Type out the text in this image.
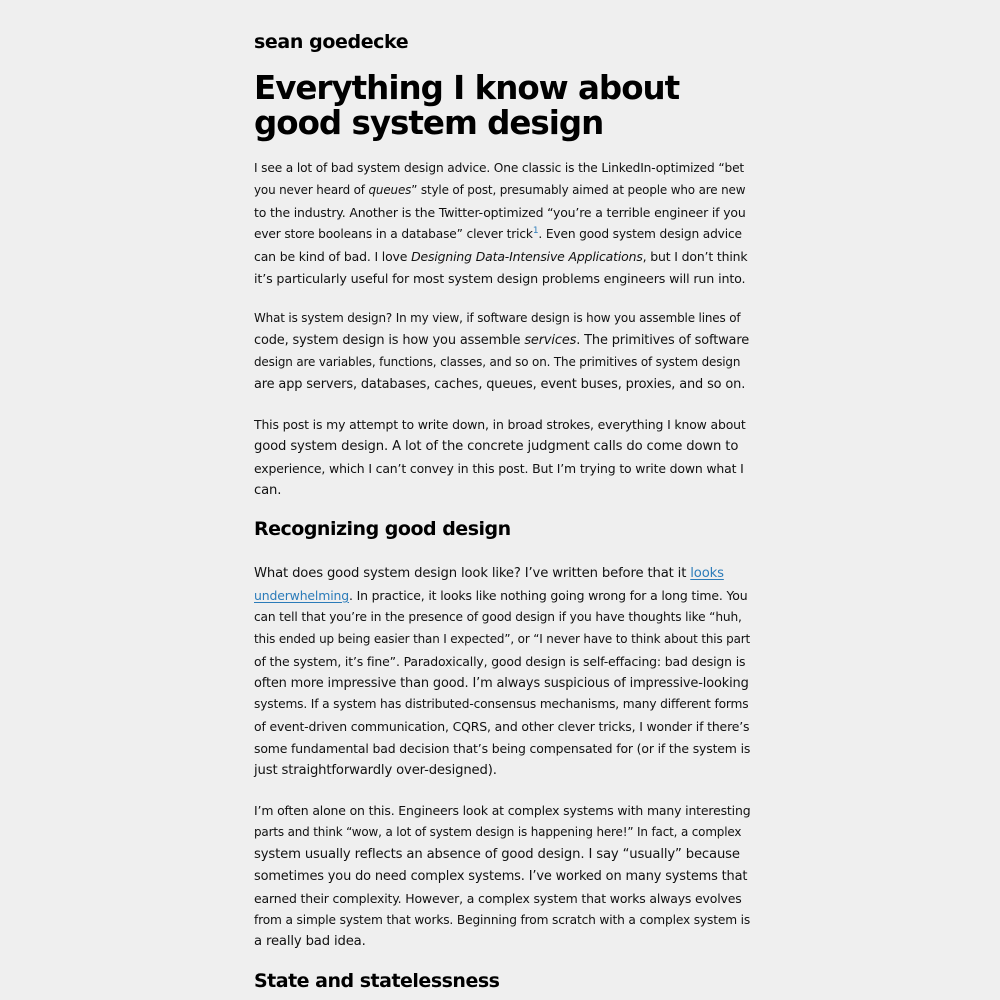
sean goedecke
Everything I know about
good system design

I see a lot of bad system design advice. One classic is the LinkedIn-optimized “bet
you never heard of queues” style of post, presumably aimed at people who are new
to the industry. Another is the Twitter-optimized “you’re a terrible engineer if you
ever store booleans in a database” clever trick$^1$. Even good system design advice
can be kind of bad. I love Designing Data-Intensive Applications, but I don’t think
it’s particularly useful for most system design problems engineers will run into.

What is system design? In my view, if software design is how you assemble lines of
code, system design is how you assemble services. The primitives of software
design are variables, functions, classes, and so on. The primitives of system design
are app servers, databases, caches, queues, event buses, proxies, and so on.

This post is my attempt to write down, in broad strokes, everything I know about
good system design. A lot of the concrete judgment calls do come down to
experience, which I can’t convey in this post. But I’m trying to write down what I
can.

Recognizing good design

What does good system design look like? I’ve written before that it looks
underwhelming. In practice, it looks like nothing going wrong for a long time. You
can tell that you’re in the presence of good design if you have thoughts like “huh,
this ended up being easier than I expected”, or “I never have to think about this part
of the system, it’s fine”. Paradoxically, good design is self-effacing: bad design is
often more impressive than good. I’m always suspicious of impressive-looking
systems. If a system has distributed-consensus mechanisms, many different forms
of event-driven communication, CQRS, and other clever tricks, I wonder if there’s
some fundamental bad decision that’s being compensated for (or if the system is
just straightforwardly over-designed).

I’m often alone on this. Engineers look at complex systems with many interesting
parts and think “wow, a lot of system design is happening here!” In fact, a complex
system usually reflects an absence of good design. I say “usually” because
sometimes you do need complex systems. I’ve worked on many systems that
earned their complexity. However, a complex system that works always evolves
from a simple system that works. Beginning from scratch with a complex system is
a really bad idea.

State and statelessness
